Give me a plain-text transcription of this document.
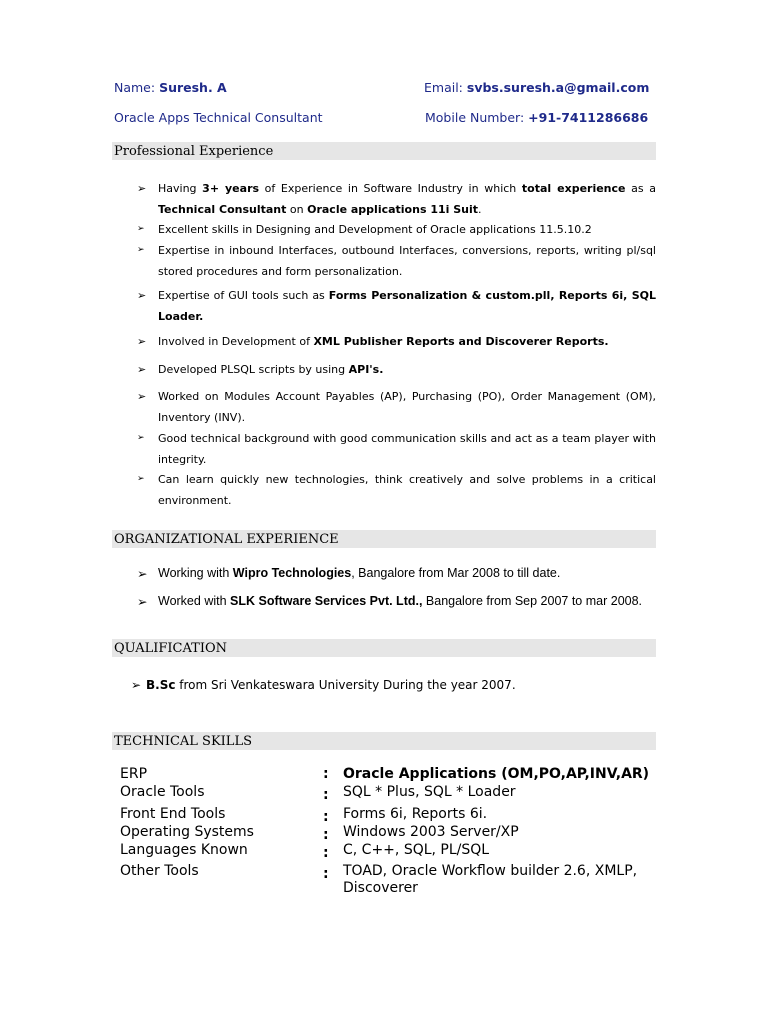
Name: Suresh. A	Email: svbs.suresh.a@gmail.com
Oracle Apps Technical Consultant	Mobile Number: +91-7411286686
Professional Experience
➢	Having 3+ years of Experience in Software Industry in which total experience as a Technical Consultant on Oracle applications 11i Suit.
➢	Excellent skills in Designing and Development of Oracle applications 11.5.10.2
➢	Expertise in inbound Interfaces, outbound Interfaces, conversions, reports, writing pl/sql stored procedures and form personalization.
➢	Expertise of GUI tools such as Forms Personalization & custom.pll, Reports 6i, SQL Loader.
➢	Involved in Development of XML Publisher Reports and Discoverer Reports.
➢	Developed PLSQL scripts by using API's.
➢	Worked on Modules Account Payables (AP), Purchasing (PO), Order Management (OM), Inventory (INV).
➢	Good technical background with good communication skills and act as a team player with integrity.
➢	Can learn quickly new technologies, think creatively and solve problems in a critical environment.
ORGANIZATIONAL EXPERIENCE
➢ Working with Wipro Technologies, Bangalore from Mar 2008 to till date.
➢ Worked with SLK Software Services Pvt. Ltd., Bangalore from Sep 2007 to mar 2008.
QUALIFICATION
➢ B.Sc from Sri Venkateswara University During the year 2007.
TECHNICAL SKILLS
ERP	: Oracle Applications (OM,PO,AP,INV,AR)
Oracle Tools	: SQL * Plus, SQL * Loader
Front End Tools	: Forms 6i, Reports 6i.
Operating Systems	: Windows 2003 Server/XP
Languages Known	: C, C++, SQL, PL/SQL
Other Tools	: TOAD, Oracle Workflow builder 2.6, XMLP, Discoverer
